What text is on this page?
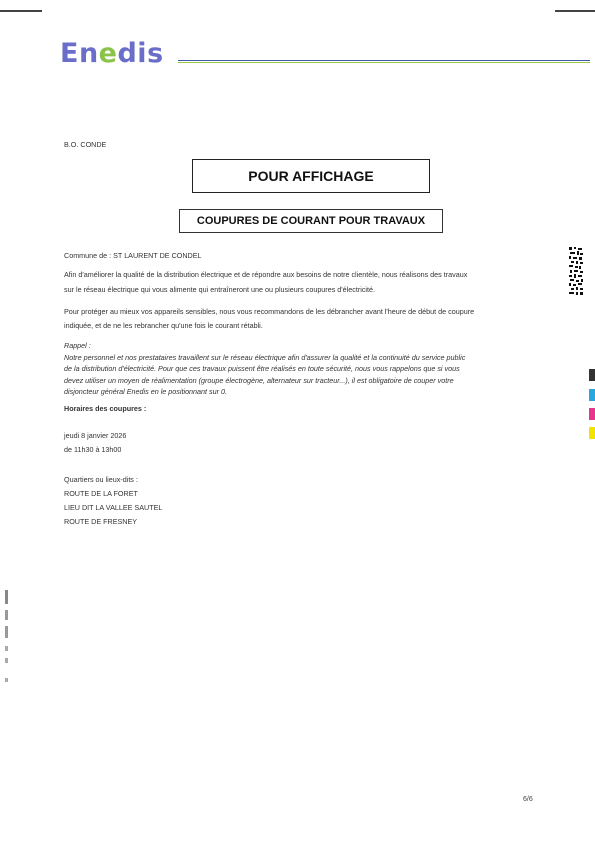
Enedis
B.O. CONDE
POUR AFFICHAGE
COUPURES DE COURANT POUR TRAVAUX
Commune de : ST LAURENT DE CONDEL
Afin d'améliorer la qualité de la distribution électrique et de répondre aux besoins de notre clientèle, nous réalisons des travaux
sur le réseau électrique qui vous alimente qui entraîneront une ou plusieurs coupures d'électricité.
Pour protéger au mieux vos appareils sensibles, nous vous recommandons de les débrancher avant l'heure de début de coupure
indiquée, et de ne les rebrancher qu'une fois le courant rétabli.
Rappel :
Notre personnel et nos prestataires travaillent sur le réseau électrique afin d'assurer la qualité et la continuité du service public
de la distribution d'électricité. Pour que ces travaux puissent être réalisés en toute sécurité, nous vous rappelons que si vous
devez utiliser un moyen de réalimentation (groupe électrogène, alternateur sur tracteur...), il est obligatoire de couper votre
disjoncteur général Enedis en le positionnant sur 0.
Horaires des coupures :
jeudi 8 janvier 2026
de 11h30 à 13h00
Quartiers ou lieux-dits :
ROUTE DE LA FORET
LIEU DIT LA VALLEE SAUTEL
ROUTE DE FRESNEY
6/6
